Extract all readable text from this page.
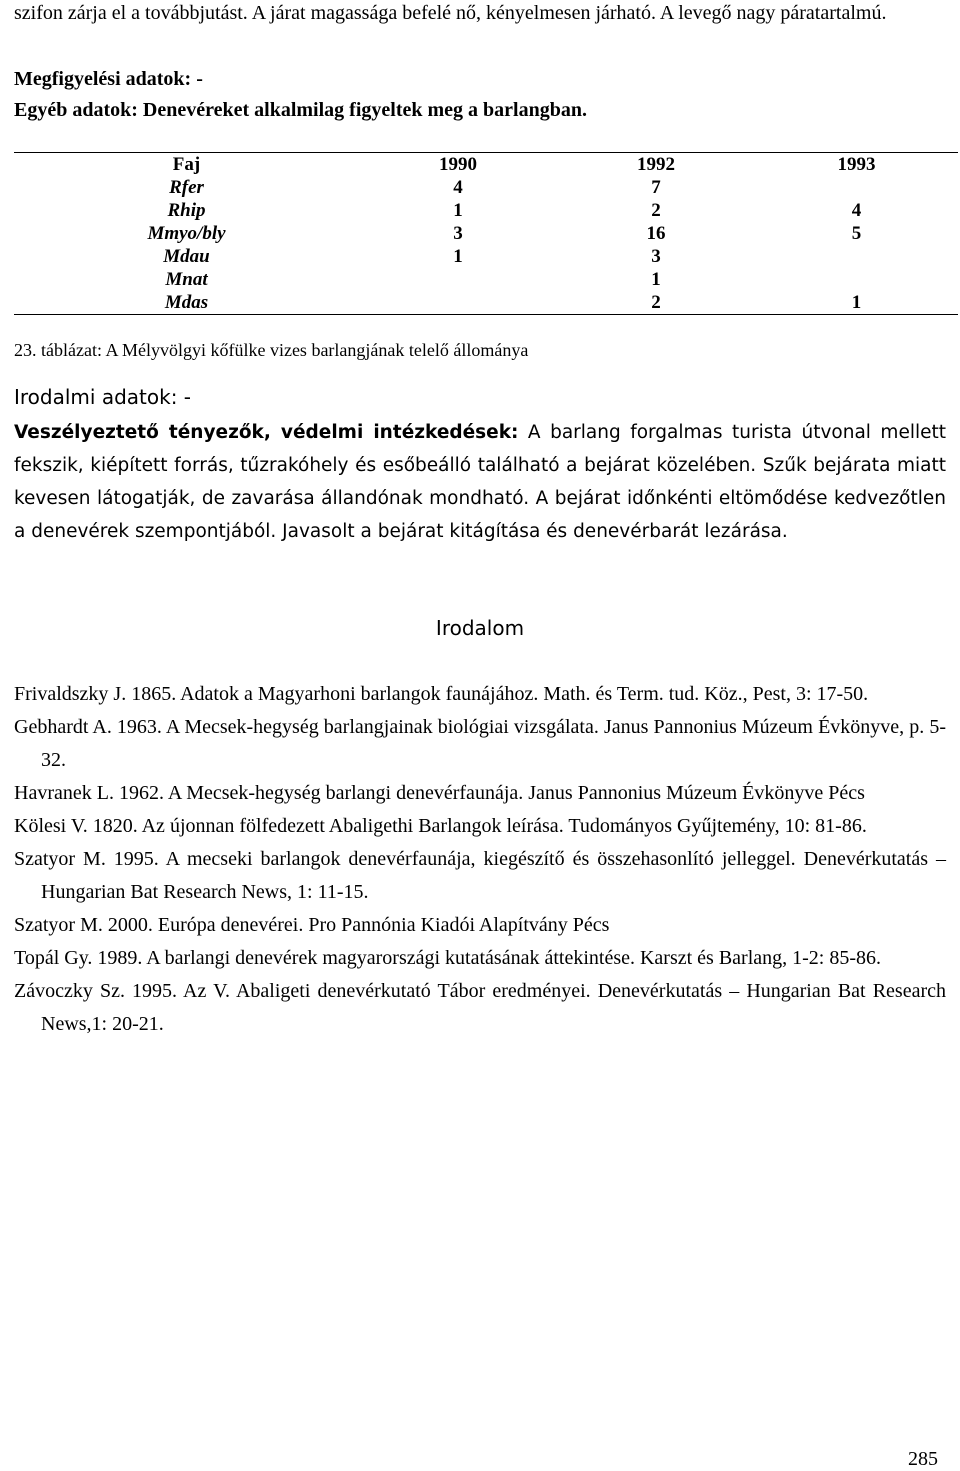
szifon zárja el a továbbjutást. A járat magassága befelé nő, kényelmesen járható. A levegő nagy páratartalmú.

Megfigyelési adatok: -

Egyéb adatok: Denevéreket alkalmilag figyeltek meg a barlangban.

Faj	1990	1992	1993
Rfer	4	7	
Rhip	1	2	4
Mmyo/bly	3	16	5
Mdau	1	3	
Mnat		1	
Mdas		2	1

23. táblázat: A Mélyvölgyi kőfülke vizes barlangjának telelő állománya

Irodalmi adatok: -

Veszélyeztető tényezők, védelmi intézkedések: A barlang forgalmas turista útvonal mellett fekszik, kiépített forrás, tűzrakóhely és esőbeálló található a bejárat közelében. Szűk bejárata miatt kevesen látogatják, de zavarása állandónak mondható. A bejárat időnkénti eltömődése kedvezőtlen a denevérek szempontjából. Javasolt a bejárat kitágítása és denevérbarát lezárása.

Irodalom

Frivaldszky J. 1865. Adatok a Magyarhoni barlangok faunájához. Math. és Term. tud. Köz., Pest, 3: 17-50.
Gebhardt A. 1963. A Mecsek-hegység barlangjainak biológiai vizsgálata. Janus Pannonius Múzeum Évkönyve, p. 5-32.
Havranek L. 1962. A Mecsek-hegység barlangi denevérfaunája. Janus Pannonius Múzeum Évkönyve Pécs
Kölesi V. 1820. Az újonnan fölfedezett Abaligethi Barlangok leírása. Tudományos Gyűjtemény, 10: 81-86.
Szatyor M. 1995. A mecseki barlangok denevérfaunája, kiegészítő és összehasonlító jelleggel. Denevérkutatás – Hungarian Bat Research News, 1: 11-15.
Szatyor M. 2000. Európa denevérei. Pro Pannónia Kiadói Alapítvány Pécs
Topál Gy. 1989. A barlangi denevérek magyarországi kutatásának áttekintése. Karszt és Barlang, 1-2: 85-86.
Závoczky Sz. 1995. Az V. Abaligeti denevérkutató Tábor eredményei. Denevérkutatás – Hungarian Bat Research News,1: 20-21.
285
